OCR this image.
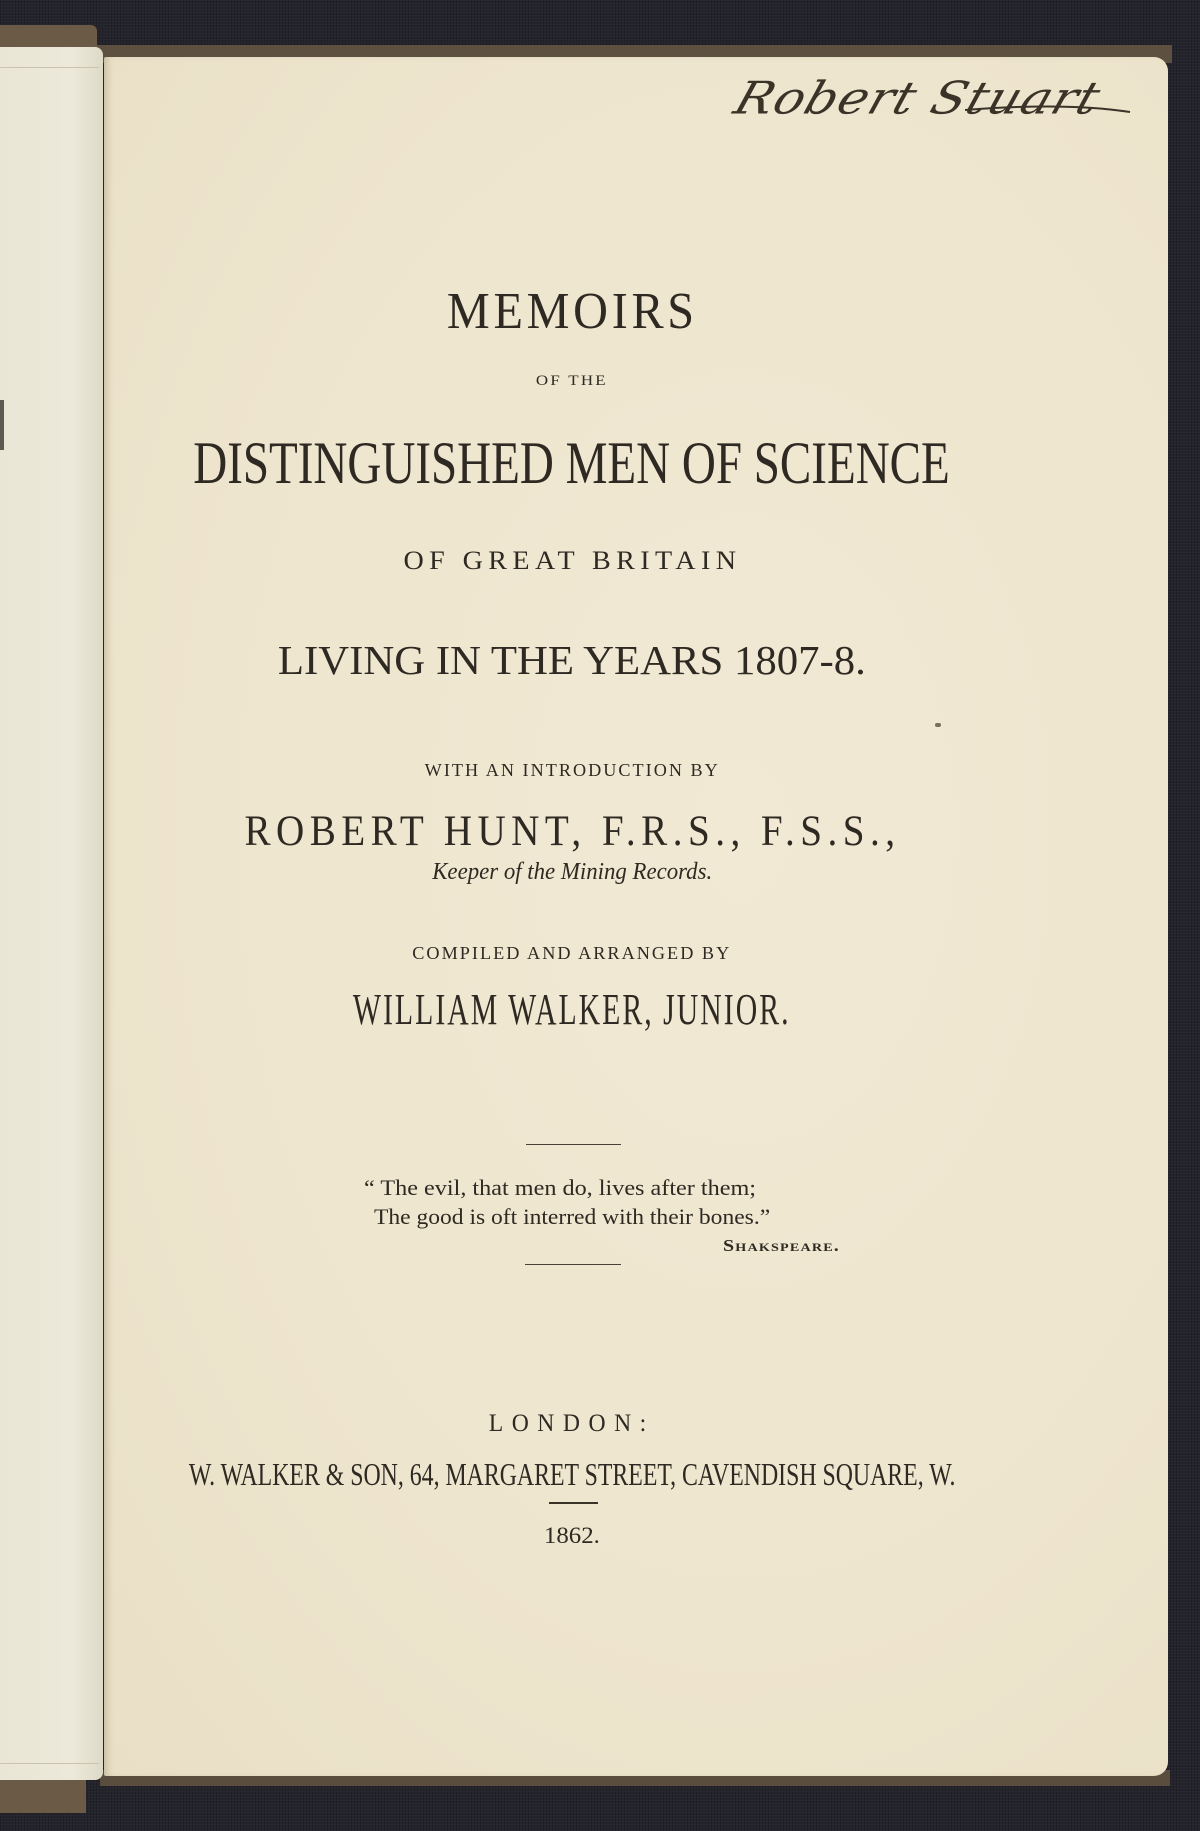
Robert Stuart
MEMOIRS
OF THE
DISTINGUISHED MEN OF SCIENCE
OF GREAT BRITAIN
LIVING IN THE YEARS 1807-8.
WITH AN INTRODUCTION BY
ROBERT HUNT, F.R.S., F.S.S.,
Keeper of the Mining Records.
COMPILED AND ARRANGED BY
WILLIAM WALKER, JUNIOR.
“ The evil, that men do, lives after them;
The good is oft interred with their bones.”
Shakspeare.
LONDON:
W. WALKER & SON, 64, MARGARET STREET, CAVENDISH SQUARE, W.
1862.
